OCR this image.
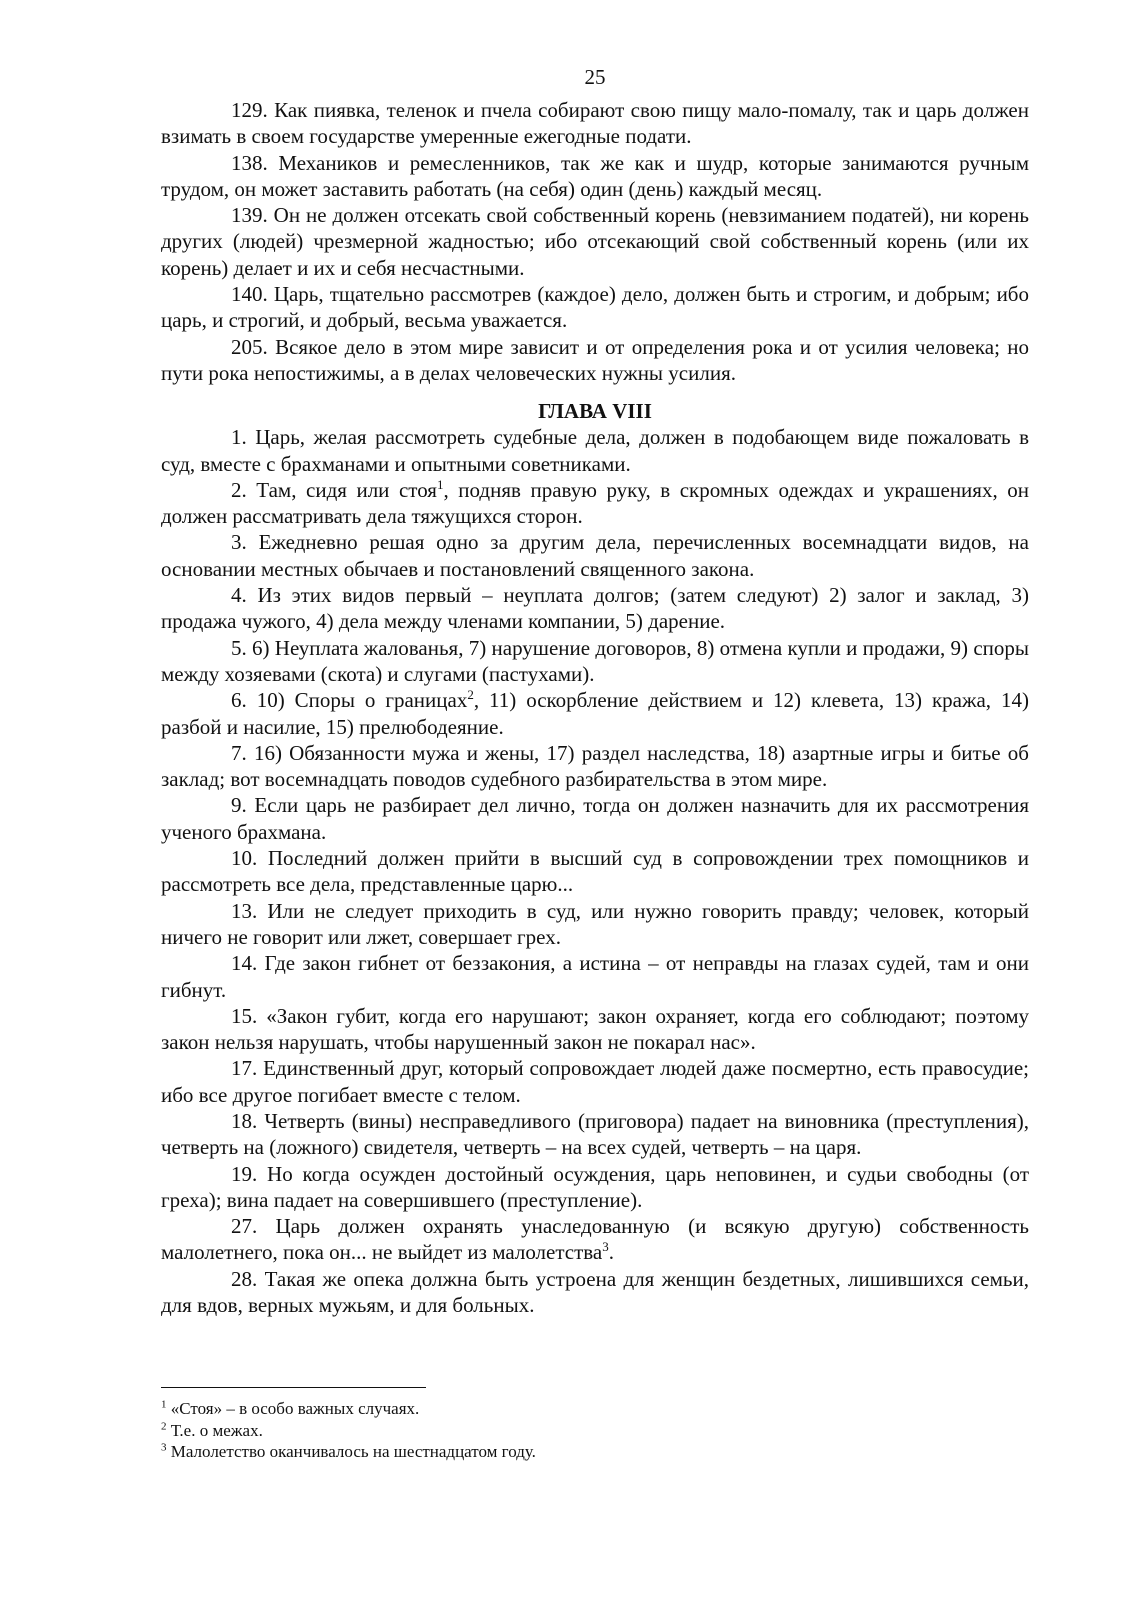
25

129. Как пиявка, теленок и пчела собирают свою пищу мало-помалу, так и царь должен взимать в своем государстве умеренные ежегодные подати.

138. Механиков и ремесленников, так же как и шудр, которые занимаются ручным трудом, он может заставить работать (на себя) один (день) каждый месяц.

139. Он не должен отсекать свой собственный корень (невзиманием податей), ни корень других (людей) чрезмерной жадностью; ибо отсекающий свой собственный корень (или их корень) делает и их и себя несчастными.

140. Царь, тщательно рассмотрев (каждое) дело, должен быть и строгим, и добрым; ибо царь, и строгий, и добрый, весьма уважается.

205. Всякое дело в этом мире зависит и от определения рока и от усилия человека; но пути рока непостижимы, а в делах человеческих нужны усилия.

ГЛАВА VIII

1. Царь, желая рассмотреть судебные дела, должен в подобающем виде пожаловать в суд, вместе с брахманами и опытными советниками.

2. Там, сидя или стоя$^1$, подняв правую руку, в скромных одеждах и украшениях, он должен рассматривать дела тяжущихся сторон.

3. Ежедневно решая одно за другим дела, перечисленных восемнадцати видов, на основании местных обычаев и постановлений священного закона.

4. Из этих видов первый – неуплата долгов; (затем следуют) 2) залог и заклад, 3) продажа чужого, 4) дела между членами компании, 5) дарение.

5. 6) Неуплата жалованья, 7) нарушение договоров, 8) отмена купли и продажи, 9) споры между хозяевами (скота) и слугами (пастухами).

6. 10) Споры о границах$^2$, 11) оскорбление действием и 12) клевета, 13) кража, 14) разбой и насилие, 15) прелюбодеяние.

7. 16) Обязанности мужа и жены, 17) раздел наследства, 18) азартные игры и битье об заклад; вот восемнадцать поводов судебного разбирательства в этом мире.

9. Если царь не разбирает дел лично, тогда он должен назначить для их рассмотрения ученого брахмана.

10. Последний должен прийти в высший суд в сопровождении трех помощников и рассмотреть все дела, представленные царю...

13. Или не следует приходить в суд, или нужно говорить правду; человек, который ничего не говорит или лжет, совершает грех.

14. Где закон гибнет от беззакония, а истина – от неправды на глазах судей, там и они гибнут.

15. «Закон губит, когда его нарушают; закон охраняет, когда его соблюдают; поэтому закон нельзя нарушать, чтобы нарушенный закон не покарал нас».

17. Единственный друг, который сопровождает людей даже посмертно, есть правосудие; ибо все другое погибает вместе с телом.

18. Четверть (вины) несправедливого (приговора) падает на виновника (преступления), четверть на (ложного) свидетеля, четверть – на всех судей, четверть – на царя.

19. Но когда осужден достойный осуждения, царь неповинен, и судьи свободны (от греха); вина падает на совершившего (преступление).

27. Царь должен охранять унаследованную (и всякую другую) собственность малолетнего, пока он... не выйдет из малолетства$^3$.

28. Такая же опека должна быть устроена для женщин бездетных, лишившихся семьи, для вдов, верных мужьям, и для больных.

$^1$ «Стоя» – в особо важных случаях.

$^2$ Т.е. о межах.

$^3$ Малолетство оканчивалось на шестнадцатом году.
